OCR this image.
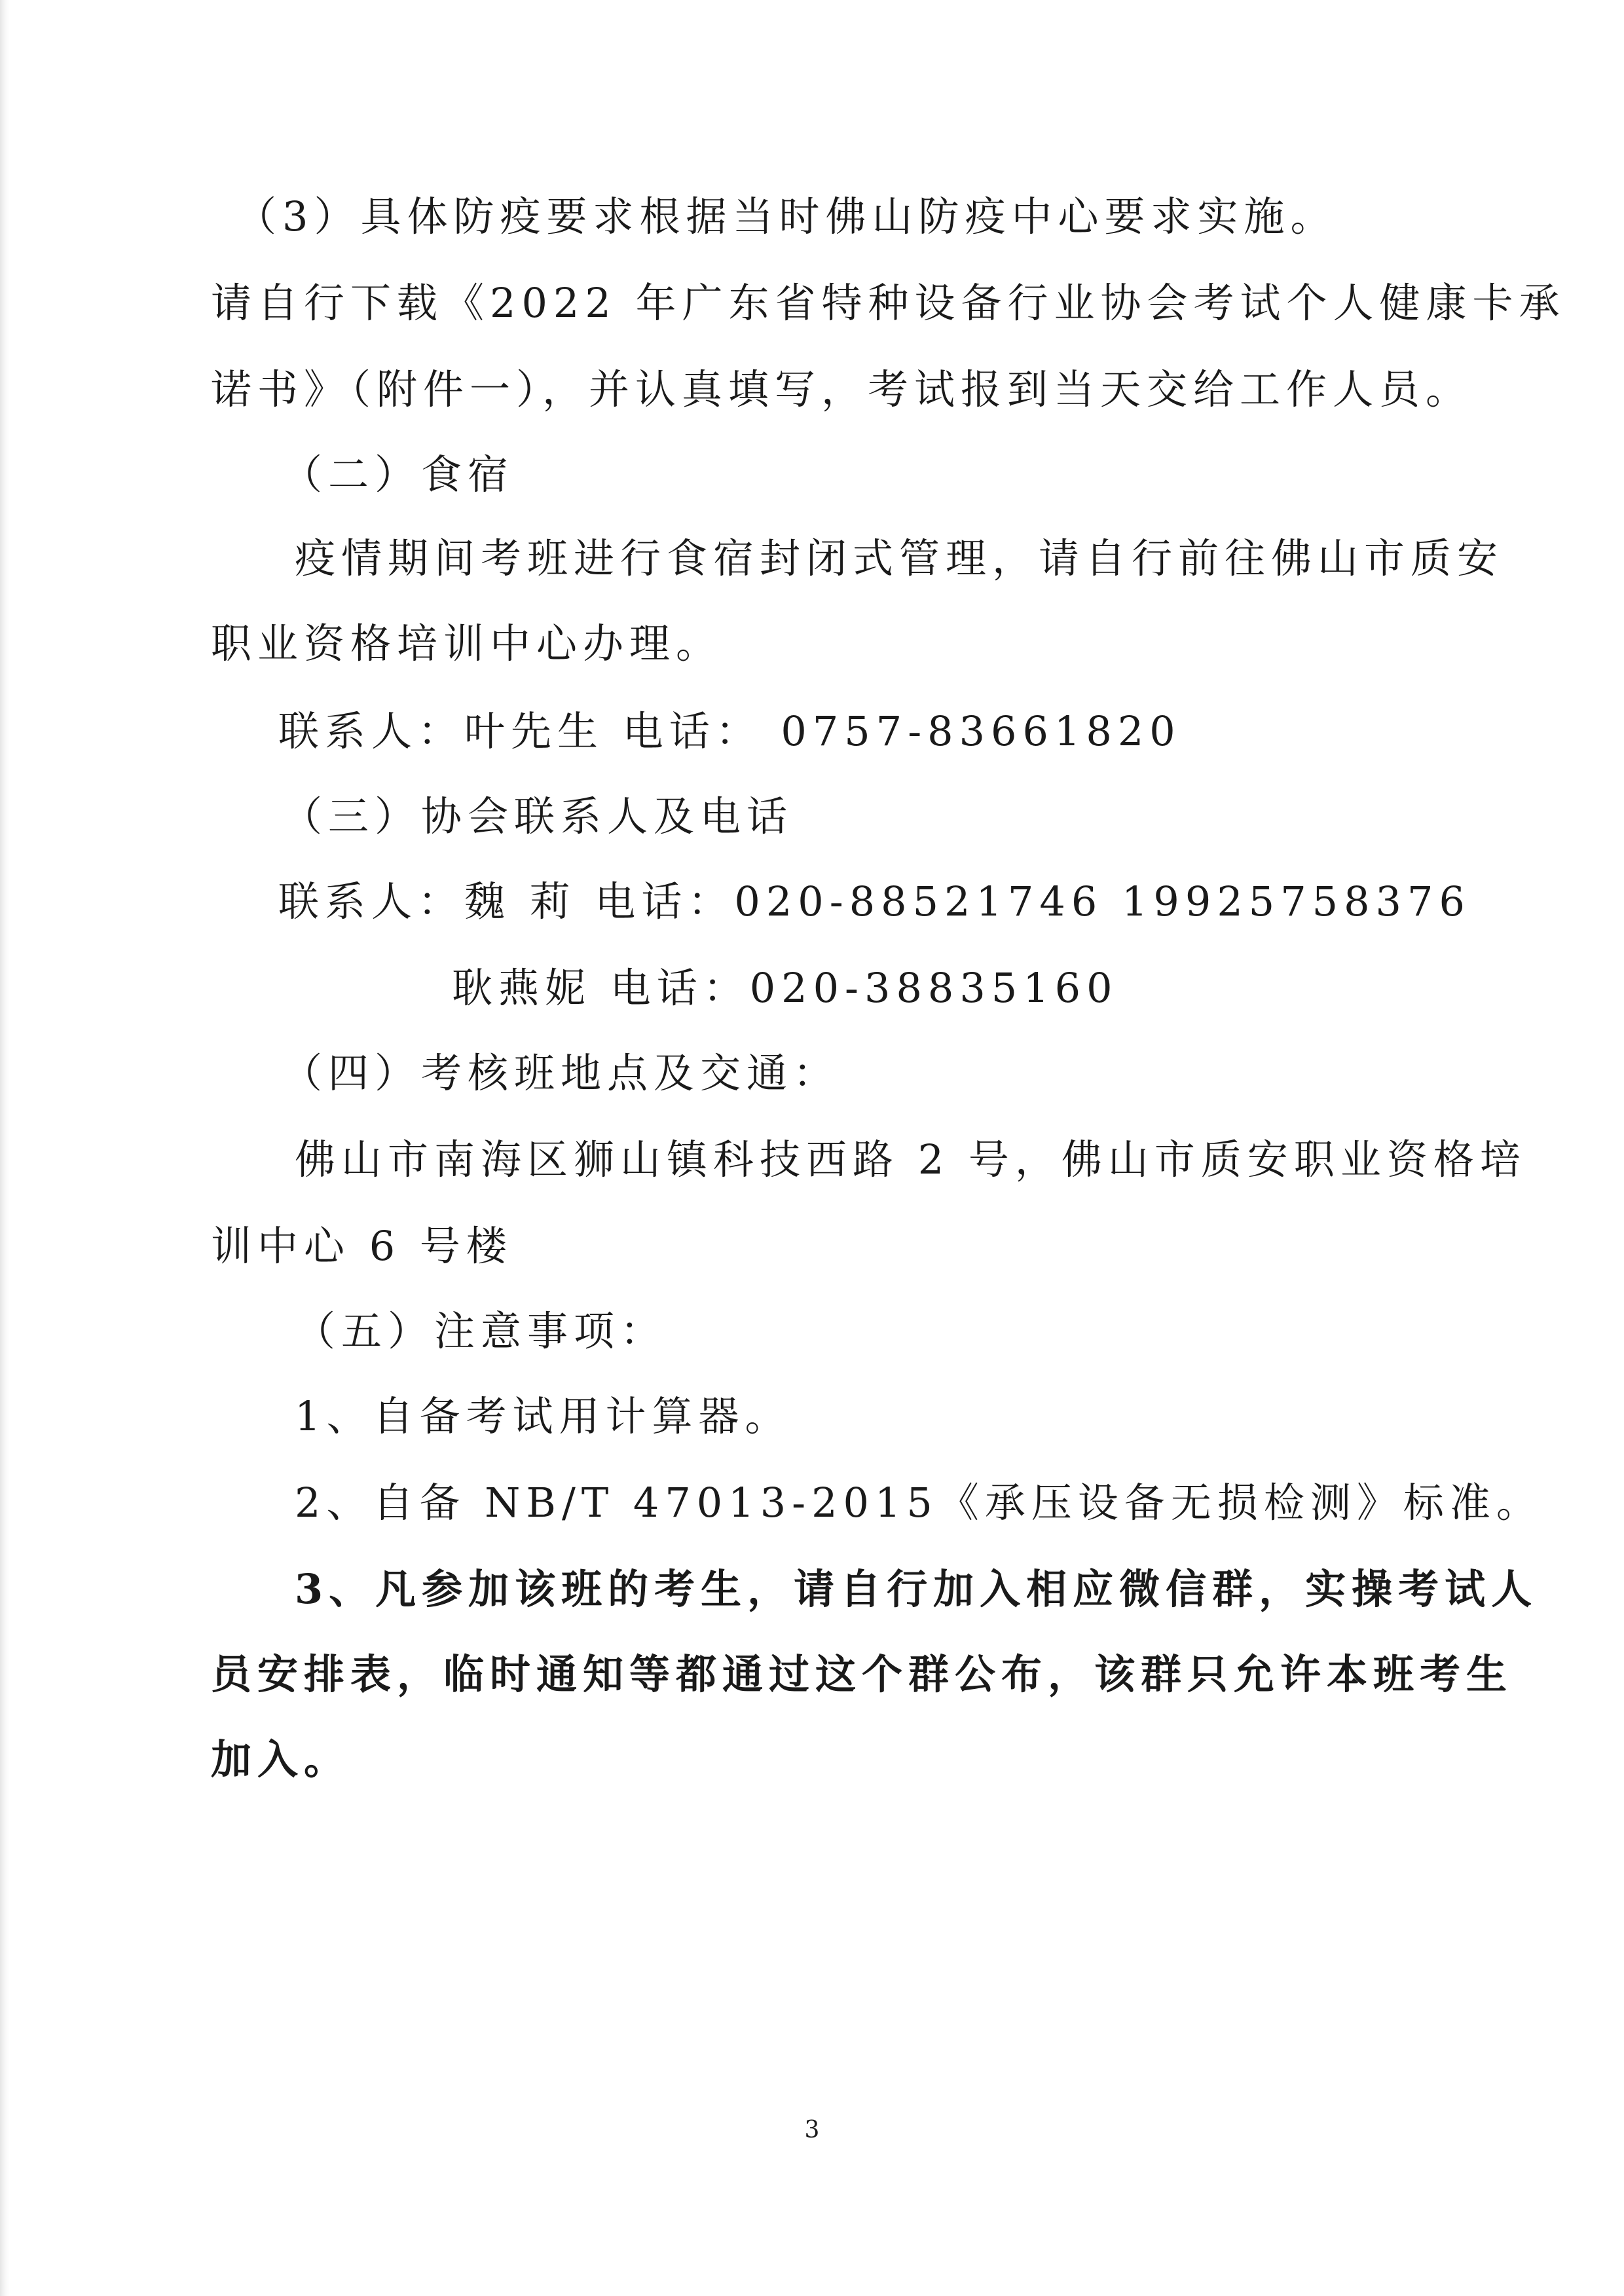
（3）具体防疫要求根据当时佛山防疫中心要求实施。
请自行下载《2022 年广东省特种设备行业协会考试个人健康卡承
诺书》（附件一），并认真填写，考试报到当天交给工作人员。
（二）食宿
疫情期间考班进行食宿封闭式管理，请自行前往佛山市质安
职业资格培训中心办理。
联系人：叶先生 电话： 0757-83661820
（三）协会联系人及电话
联系人：魏 莉 电话：020-88521746 19925758376
耿燕妮 电话：020-38835160
（四）考核班地点及交通：
佛山市南海区狮山镇科技西路 2 号，佛山市质安职业资格培
训中心 6 号楼
（五）注意事项：
1、自备考试用计算器。
2、自备 NB/T 47013-2015《承压设备无损检测》标准。
3、凡参加该班的考生，请自行加入相应微信群，实操考试人
员安排表，临时通知等都通过这个群公布，该群只允许本班考生
加入。
3
